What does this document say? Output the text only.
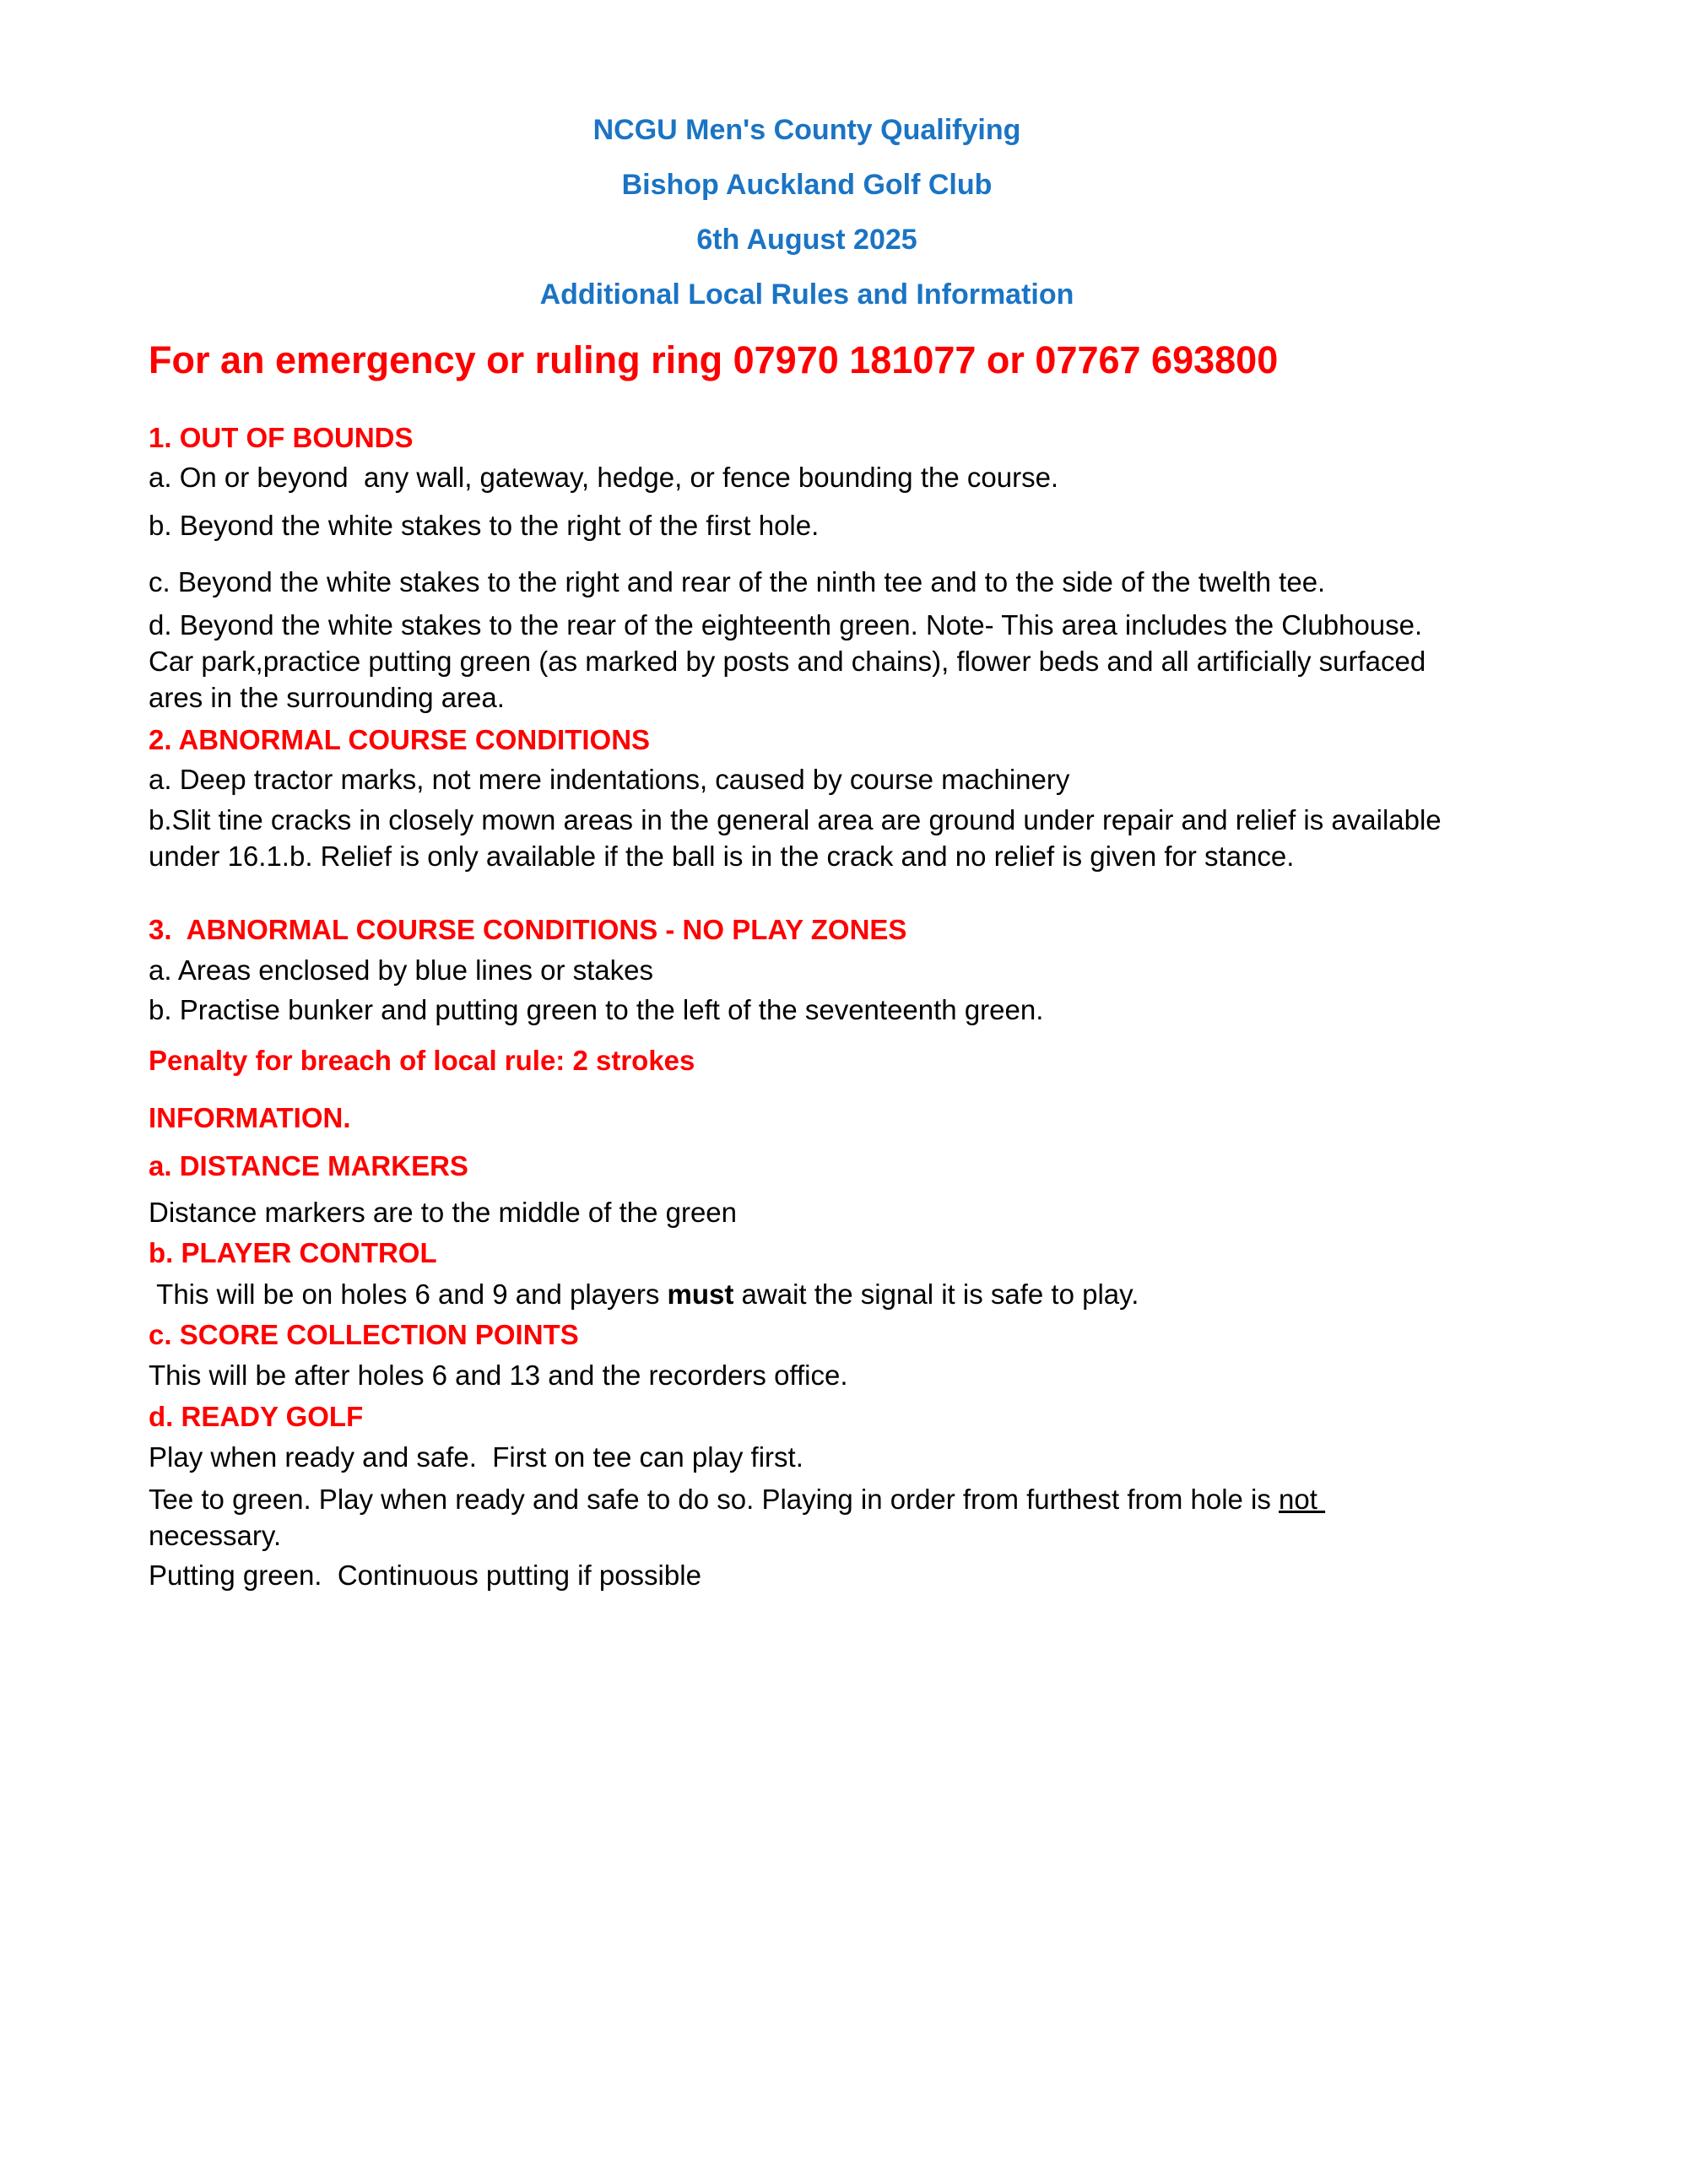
NCGU Men's County Qualifying

Bishop Auckland Golf Club

6th August 2025

Additional Local Rules and Information

For an emergency or ruling ring 07970 181077 or 07767 693800

1. OUT OF BOUNDS

a. On or beyond  any wall, gateway, hedge, or fence bounding the course.

b. Beyond the white stakes to the right of the first hole.

c. Beyond the white stakes to the right and rear of the ninth tee and to the side of the twelth tee.

d. Beyond the white stakes to the rear of the eighteenth green. Note- This area includes the Clubhouse. Car park,practice putting green (as marked by posts and chains), flower beds and all artificially surfaced ares in the surrounding area.

2. ABNORMAL COURSE CONDITIONS

a. Deep tractor marks, not mere indentations, caused by course machinery

b.Slit tine cracks in closely mown areas in the general area are ground under repair and relief is available under 16.1.b. Relief is only available if the ball is in the crack and no relief is given for stance.

3.  ABNORMAL COURSE CONDITIONS - NO PLAY ZONES

a. Areas enclosed by blue lines or stakes

b. Practise bunker and putting green to the left of the seventeenth green.

Penalty for breach of local rule: 2 strokes

INFORMATION.

a. DISTANCE MARKERS

Distance markers are to the middle of the green

b. PLAYER CONTROL

This will be on holes 6 and 9 and players must await the signal it is safe to play.

c. SCORE COLLECTION POINTS

This will be after holes 6 and 13 and the recorders office.

d. READY GOLF

Play when ready and safe.  First on tee can play first.

Tee to green. Play when ready and safe to do so. Playing in order from furthest from hole is not
necessary.

Putting green.  Continuous putting if possible
